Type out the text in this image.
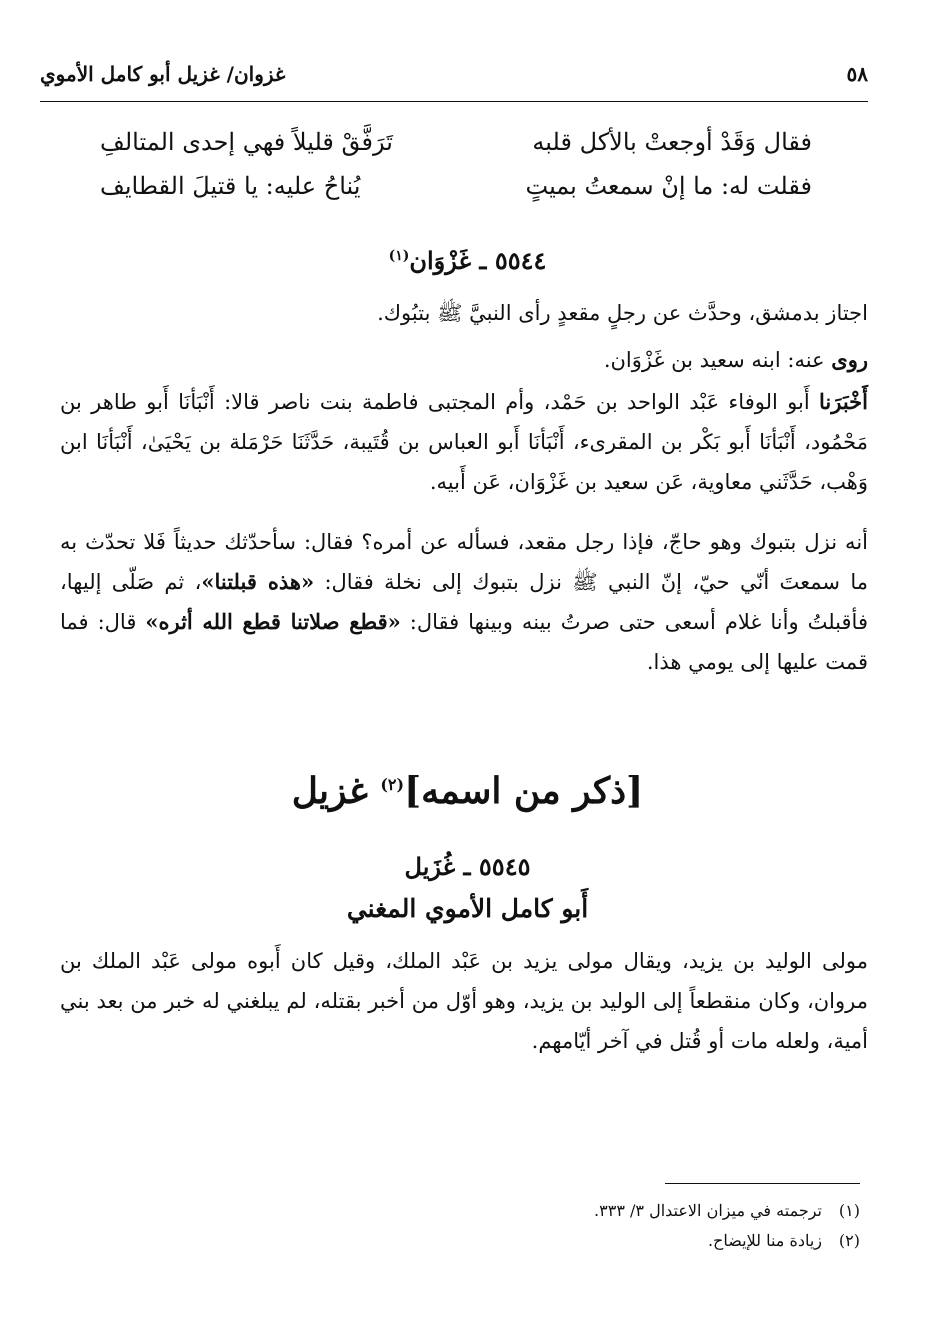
٥٨
غزوان/ غزيل أبو كامل الأموي
فقال وَقَدْ أوجعتْ بالأكل قلبه
تَرَفَّقْ قليلاً فهي إحدى المتالفِ
فقلت له: ما إنْ سمعتُ بميتٍ
يُناحُ عليه: يا قتيلَ القطايف
٥٥٤٤ ـ غَزْوَان$^{(١)}$
اجتاز بدمشق، وحدَّث عن رجلٍ مقعدٍ رأى النبيَّ ﷺ بتبُوك.
روى عنه: ابنه سعيد بن غَزْوَان.
أَخْبَرَنا أَبو الوفاء عَبْد الواحد بن حَمْد، وأم المجتبى فاطمة بنت ناصر قالا: أَنْبَأنَا أَبو طاهر بن مَحْمُود، أَنْبَأنَا أَبو بَكْر بن المقرىء، أَنْبَأنَا أَبو العباس بن قُتَيبة، حَدَّثَنَا حَرْمَلة بن يَحْيَىٰ، أَنْبَأنَا ابن وَهْب، حَدَّثَني معاوية، عَن سعيد بن غَزْوَان، عَن أَبيه.
أنه نزل بتبوك وهو حاجّ، فإذا رجل مقعد، فسأله عن أمره؟ فقال: سأحدّثك حديثاً فَلا تحدّث به ما سمعتَ أنّي حيّ، إنّ النبي ﷺ نزل بتبوك إلى نخلة فقال: «هذه قبلتنا»، ثم صَلّى إليها، فأقبلتُ وأنا غلام أسعى حتى صرتُ بينه وبينها فقال: «قطع صلاتنا قطع الله أثره» قال: فما قمت عليها إلى يومي هذا.
[ذكر من اسمه]$^{(٢)}$ غزيل
٥٥٤٥ ـ غُزَيل
أَبو كامل الأموي المغني
مولى الوليد بن يزيد، ويقال مولى يزيد بن عَبْد الملك، وقيل كان أَبوه مولى عَبْد الملك بن مروان، وكان منقطعاً إلى الوليد بن يزيد، وهو أوّل من أخبر بقتله، لم يبلغني له خبر من بعد بني أمية، ولعله مات أو قُتل في آخر أيّامهم.
(١)ترجمته في ميزان الاعتدال ٣/ ٣٣٣.
(٢)زيادة منا للإيضاح.
